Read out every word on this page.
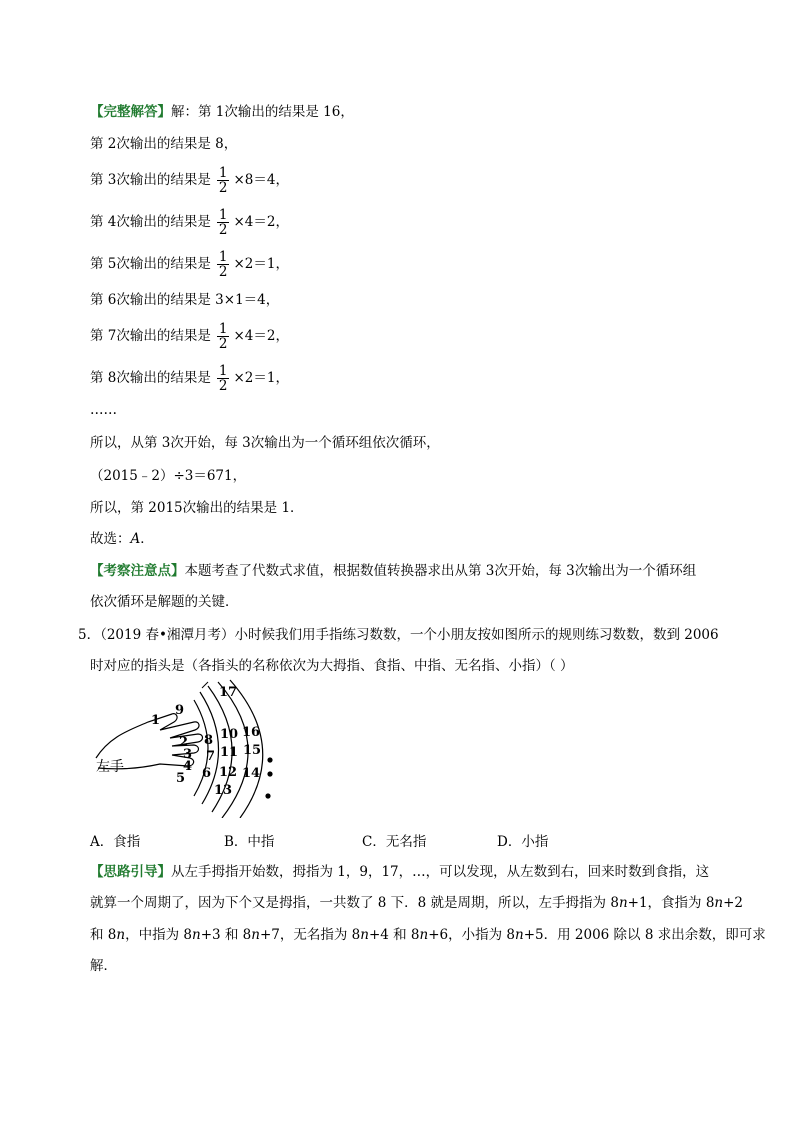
【完整解答】解：第 1次输出的结果是 16，
第 2次输出的结果是 8，
第 3次输出的结果是 $\frac{1}{2} \times 8=4$，
第 4次输出的结果是 $\frac{1}{2} \times 4=2$，
第 5次输出的结果是 $\frac{1}{2} \times 2=1$，
第 6次输出的结果是 3×1＝4，
第 7次输出的结果是 $\frac{1}{2} \times 4=2$，
第 8次输出的结果是 $\frac{1}{2} \times 2=1$，
……
所以，从第 3次开始，每 3次输出为一个循环组依次循环，
（2015﹣2）÷3＝671，
所以，第 2015次输出的结果是 1．
故选：A．
【考察注意点】本题考查了代数式求值，根据数值转换器求出从第 3次开始，每 3次输出为一个循环组
依次循环是解题的关键．
5．（2019 春•湘潭月考）小时候我们用手指练习数数，一个小朋友按如图所示的规则练习数数，数到 2006
时对应的指头是（各指头的名称依次为大拇指、食指、中指、无名指、小指）（ ）
左手
1
2
3
4
5 6
7
8
9
10
11
12
13
14
15
16
17
A．食指	B．中指	C．无名指	D．小指
【思路引导】从左手拇指开始数，拇指为 1，9，17，…，可以发现，从左数到右，回来时数到食指，这
就算一个周期了，因为下个又是拇指，一共数了 8 下．8 就是周期，所以，左手拇指为 8n+1，食指为 8n+2
和 8n，中指为 8n+3 和 8n+7，无名指为 8n+4 和 8n+6，小指为 8n+5．用 2006 除以 8 求出余数，即可求
解．
